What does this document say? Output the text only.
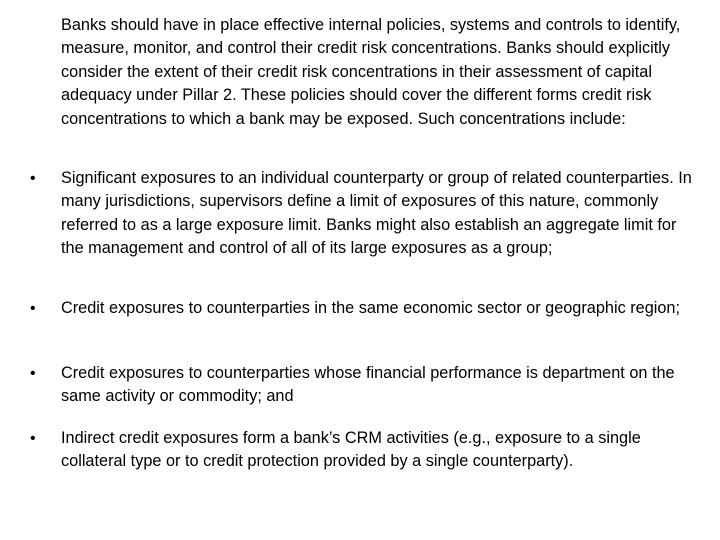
Banks should have in place effective internal policies, systems and controls to identify, measure, monitor, and control their credit risk concentrations. Banks should explicitly consider the extent of their credit risk concentrations in their assessment of capital adequacy under Pillar 2. These policies should cover the different forms credit risk concentrations to which a bank may be exposed. Such concentrations include:

• Significant exposures to an individual counterparty or group of related counterparties. In many jurisdictions, supervisors define a limit of exposures of this nature, commonly referred to as a large exposure limit. Banks might also establish an aggregate limit for the management and control of all of its large exposures as a group;

• Credit exposures to counterparties in the same economic sector or geographic region;

• Credit exposures to counterparties whose financial performance is department on the same activity or commodity; and

• Indirect credit exposures form a bank’s CRM activities (e.g., exposure to a single collateral type or to credit protection provided by a single counterparty).
